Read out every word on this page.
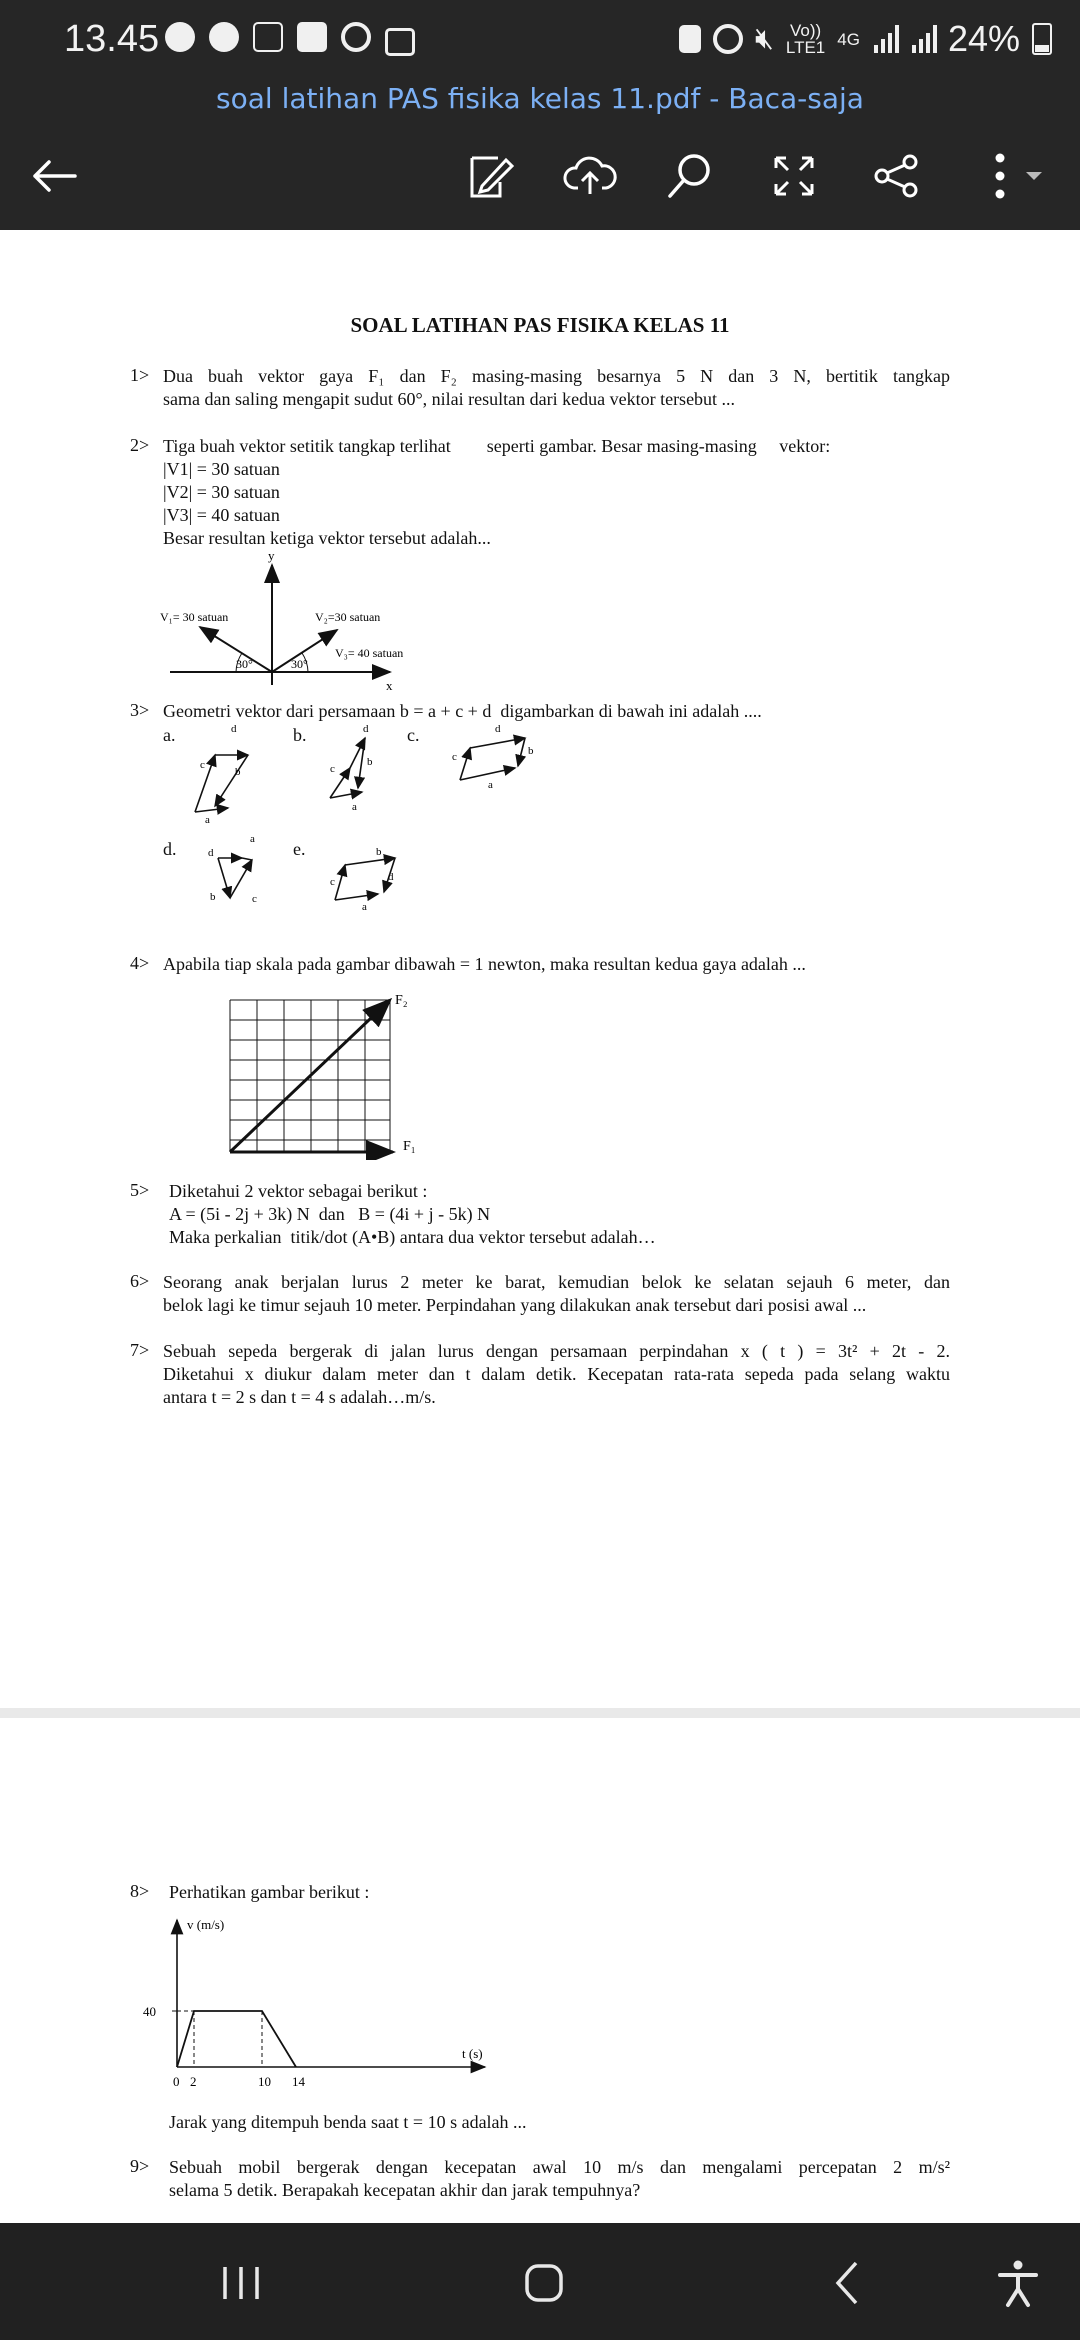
13.45	🔇︎ Vo))
LTE1 4G 24%
soal latihan PAS fisika kelas 11.pdf - Baca-saja
SOAL LATIHAN PAS FISIKA KELAS 11
1> Dua buah vektor gaya F₁ dan F₂ masing-masing besarnya 5 N dan 3 N, bertitik tangkap
sama dan saling mengapit sudut 60°, nilai resultan dari kedua vektor tersebut ...
2> Tiga buah vektor setitik tangkap terlihat        seperti gambar. Besar masing-masing     vektor:
|V1| = 30 satuan
|V2| = 30 satuan
|V3| = 40 satuan
Besar resultan ketiga vektor tersebut adalah...
y
x
V₁= 30 satuan	V₂=30 satuan
V₃= 40 satuan
30°	30°
3> Geometri vektor dari persamaan b = a + c + d  digambarkan di bawah ini adalah ....
a.	b.	c.
d.	e.
d
c
b
a
d
c
b
a
d
c	b
a
d
a
b	c
b
c	d
a
4> Apabila tiap skala pada gambar dibawah = 1 newton, maka resultan kedua gaya adalah ...
F₂
F₁
5> Diketahui 2 vektor sebagai berikut :
A = (5i - 2j + 3k) N  dan   B = (4i + j - 5k) N
Maka perkalian  titik/dot (A•B) antara dua vektor tersebut adalah…
6> Seorang anak berjalan lurus 2 meter ke barat, kemudian belok ke selatan sejauh 6 meter, dan
belok lagi ke timur sejauh 10 meter. Perpindahan yang dilakukan anak tersebut dari posisi awal ...
7> Sebuah sepeda bergerak di jalan lurus dengan persamaan perpindahan x ( t ) = 3t² + 2t - 2.
Diketahui x diukur dalam meter dan t dalam detik. Kecepatan rata-rata sepeda pada selang waktu
antara t = 2 s dan t = 4 s adalah…m/s.
8> Perhatikan gambar berikut :
v (m/s)
t (s)
0 2	10 14
40
Jarak yang ditempuh benda saat t = 10 s adalah ...
9> Sebuah mobil bergerak dengan kecepatan awal 10 m/s dan mengalami percepatan 2 m/s²
selama 5 detik. Berapakah kecepatan akhir dan jarak tempuhnya?
